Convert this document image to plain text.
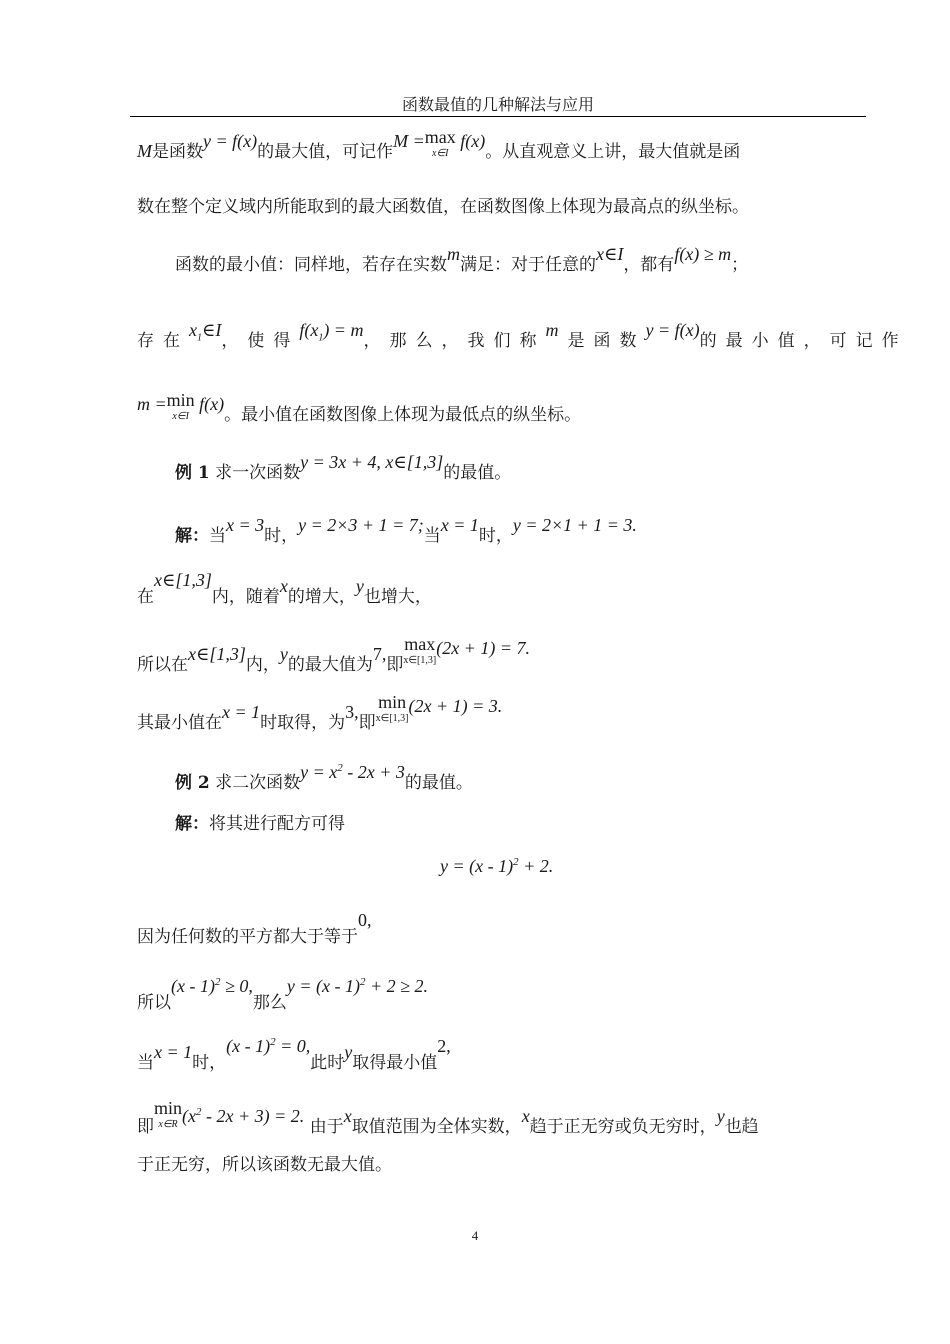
函数最值的几种解法与应用
M是函数y = f(x)的最大值，可记作M =max
x∈I
f(x)。从直观意义上讲，最大值就是函
数在整个定义域内所能取到的最大函数值，在函数图像上体现为最高点的纵坐标。
函数的最小值：同样地，若存在实数m满足：对于任意的x∈I，都有f(x) ≥ m；
存在$x_1\in I$，使得$f(x_1) = m$，那么，我们称m是函数y = f(x)的最小值，可记作
m =min
x∈I
f(x)。最小值在函数图像上体现为最低点的纵坐标。
例 1 求一次函数y = 3x + 4, x∈[1,3]的最值。
解：当x = 3时，y = 2×3 + 1 = 7;当x = 1时，y = 2×1 + 1 = 3.
在x∈[1,3]内，随着x的增大，y也增大，
所以在x∈[1,3]内，y的最大值为7,即max
x∈[1,3]
(2x + 1) = 7.
其最小值在x = 1时取得，为3,即min
x∈[1,3]
(2x + 1) = 3.
例 2 求二次函数$y = x^2 - 2x + 3$的最值。
解：将其进行配方可得
y = (x - 1)$^2$ + 2.
因为任何数的平方都大于等于0,
所以(x - 1)$^2$ ≥ 0,那么y = (x - 1)$^2$ + 2 ≥ 2.
当x = 1时，(x - 1)$^2$ = 0,此时y取得最小值2,
即min
x∈R $(x^2 - 2x + 3) = 2$. 由于x取值范围为全体实数，x趋于正无穷或负无穷时，y也趋
于正无穷，所以该函数无最大值。
4
